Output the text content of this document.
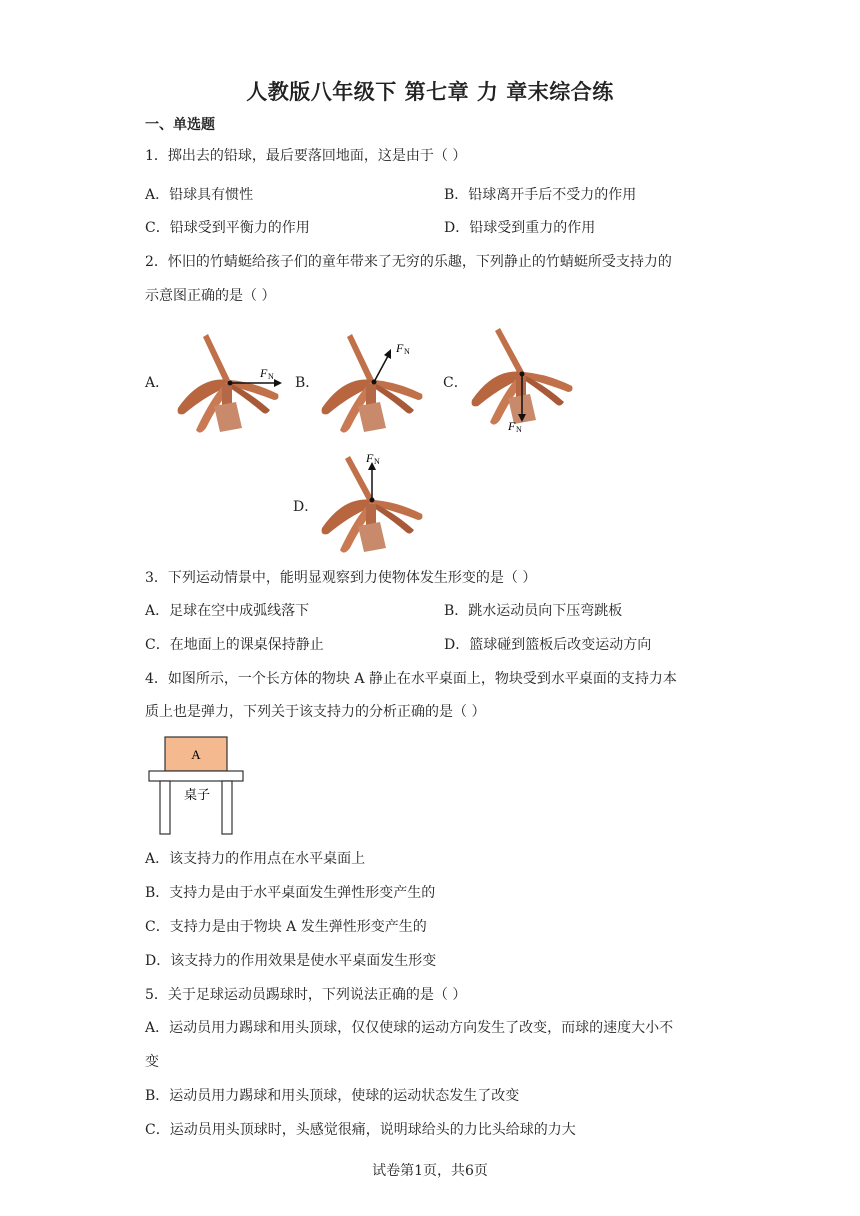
人教版八年级下 第七章 力 章末综合练
一、单选题
1．掷出去的铅球，最后要落回地面，这是由于（ ）
A．铅球具有惯性	B．铅球离开手后不受力的作用
C．铅球受到平衡力的作用	D．铅球受到重力的作用
2．怀旧的竹蜻蜓给孩子们的童年带来了无穷的乐趣，下列静止的竹蜻蜓所受支持力的
示意图正确的是（ ）
A．	B．	C．
D．
F N
F N
F N
F N
3．下列运动情景中，能明显观察到力使物体发生形变的是（ ）
A．足球在空中成弧线落下	B．跳水运动员向下压弯跳板
C．在地面上的课桌保持静止	D．篮球碰到篮板后改变运动方向
4．如图所示，一个长方体的物块 A 静止在水平桌面上，物块受到水平桌面的支持力本
质上也是弹力，下列关于该支持力的分析正确的是（ ）
A
桌子
A．该支持力的作用点在水平桌面上
B．支持力是由于水平桌面发生弹性形变产生的
C．支持力是由于物块 A 发生弹性形变产生的
D．该支持力的作用效果是使水平桌面发生形变
5．关于足球运动员踢球时，下列说法正确的是（ ）
A．运动员用力踢球和用头顶球，仅仅使球的运动方向发生了改变，而球的速度大小不
变
B．运动员用力踢球和用头顶球，使球的运动状态发生了改变
C．运动员用头顶球时，头感觉很痛，说明球给头的力比头给球的力大
试卷第1页，共6页
